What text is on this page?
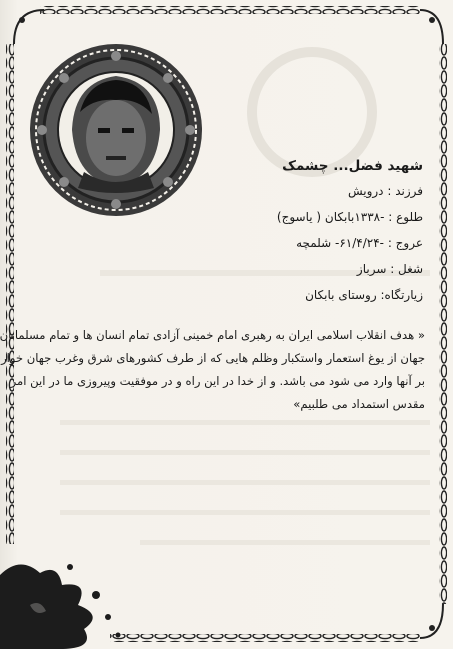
شهید فضل... چشمک
فرزند : درویش
طلوع : -۱۳۳۸بابکان ( یاسوج)
عروج : -۶۱/۴/۲۴- شلمچه
شغل : سرباز
زیارتگاه: روستای بابکان
« هدف انقلاب اسلامی ایران به رهبری امام خمینی آزادی تمام انسان ها و تمام مسلمانان
جهان از یوغ استعمار واستکبار وظلم هایی که از طرف کشورهای شرق وغرب جهان خوار
بر آنها وارد می شود می باشد. و از خدا در این راه و در موفقیت وپیروزی ما در این امر
مقدس استمداد می طلبیم»
